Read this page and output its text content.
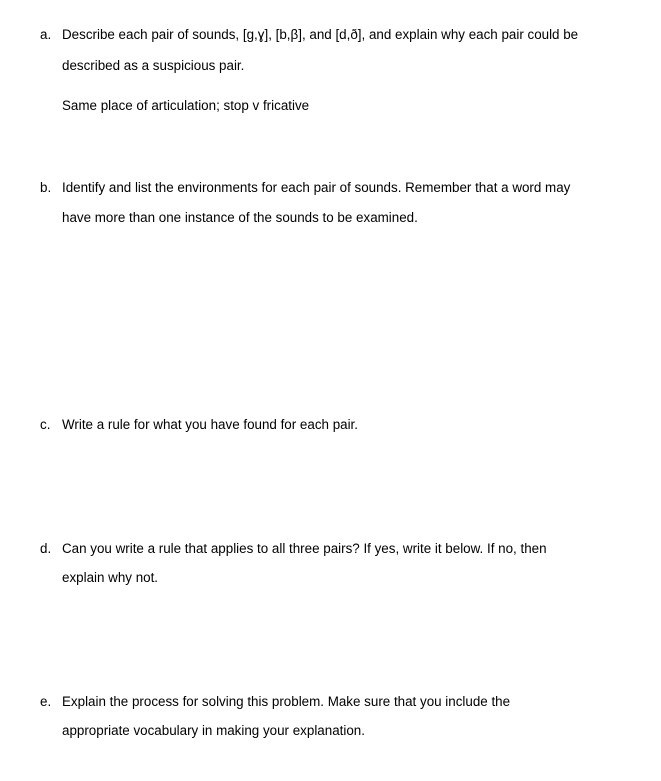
a. Describe each pair of sounds, [g,ɣ], [b,β], and [d,ð], and explain why each pair could be
described as a suspicious pair.
Same place of articulation; stop v fricative
b. Identify and list the environments for each pair of sounds. Remember that a word may
have more than one instance of the sounds to be examined.
c. Write a rule for what you have found for each pair.
d. Can you write a rule that applies to all three pairs? If yes, write it below. If no, then
explain why not.
e. Explain the process for solving this problem. Make sure that you include the
appropriate vocabulary in making your explanation.
